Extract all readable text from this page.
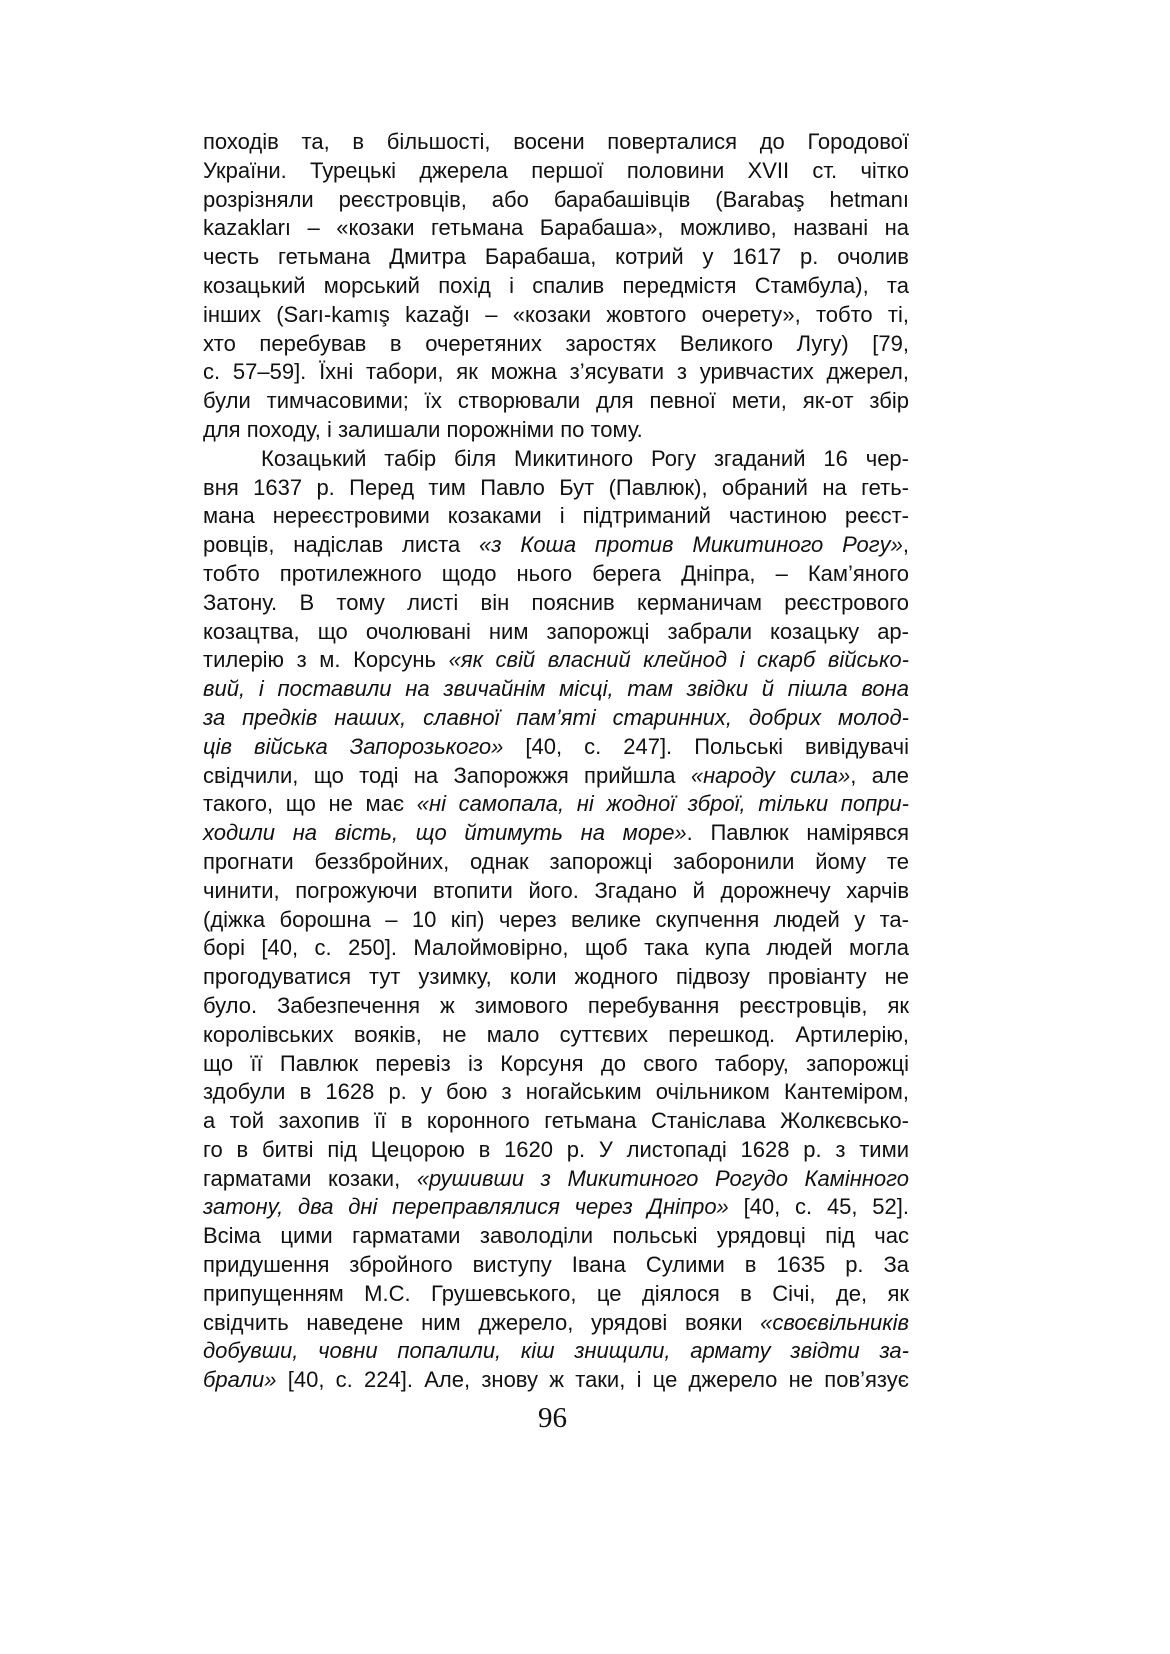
походів та, в більшості, восени поверталися до Городової
України. Турецькі джерела першої половини XVII ст. чітко
розрізняли реєстровців, або барабашівців (Barabaş hetmanı
kazakları – «козаки гетьмана Барабаша», можливо, названі на
честь гетьмана Дмитра Барабаша, котрий у 1617 р. очолив
козацький морський похід і спалив передмістя Стамбула), та
інших (Sarı-kamış kazağı – «козаки жовтого очерету», тобто ті,
хто перебував в очеретяних заростях Великого Лугу) [79,
с. 57–59]. Їхні табори, як можна з’ясувати з уривчастих джерел,
були тимчасовими; їх створювали для певної мети, як-от збір
для походу, і залишали порожніми по тому.
Козацький табір біля Микитиного Рогу згаданий 16 чер-
вня 1637 р. Перед тим Павло Бут (Павлюк), обраний на геть-
мана нереєстровими козаками і підтриманий частиною реєст-
ровців, надіслав листа «з Коша против Микитиного Рогу»,
тобто протилежного щодо нього берега Дніпра, – Кам’яного
Затону. В тому листі він пояснив керманичам реєстрового
козацтва, що очолювані ним запорожці забрали козацьку ар-
тилерію з м. Корсунь «як свій власний клейнод і скарб військо-
вий, і поставили на звичайнім місці, там звідки й пішла вона
за предків наших, славної пам’яті старинних, добрих молод-
ців війська Запорозького» [40, с. 247]. Польські вивідувачі
свідчили, що тоді на Запорожжя прийшла «народу сила», але
такого, що не має «ні самопала, ні жодної зброї, тільки попри-
ходили на вість, що йтимуть на море». Павлюк намірявся
прогнати беззбройних, однак запорожці заборонили йому те
чинити, погрожуючи втопити його. Згадано й дорожнечу харчів
(діжка борошна – 10 кіп) через велике скупчення людей у та-
борі [40, с. 250]. Малоймовірно, щоб така купа людей могла
прогодуватися тут узимку, коли жодного підвозу провіанту не
було. Забезпечення ж зимового перебування реєстровців, як
королівських вояків, не мало суттєвих перешкод. Артилерію,
що її Павлюк перевіз із Корсуня до свого табору, запорожці
здобули в 1628 р. у бою з ногайським очільником Кантеміром,
а той захопив її в коронного гетьмана Станіслава Жолкєвсько-
го в битві під Цецорою в 1620 р. У листопаді 1628 р. з тими
гарматами козаки, «рушивши з Микитиного Рогудо Камінного
затону, два дні переправлялися через Дніпро» [40, с. 45, 52].
Всіма цими гарматами заволоділи польські урядовці під час
придушення збройного виступу Івана Сулими в 1635 р. За
припущенням М.С. Грушевського, це діялося в Січі, де, як
свідчить наведене ним джерело, урядові вояки «своєвільників
добувши, човни попалили, кіш знищили, армату звідти за-
брали» [40, с. 224]. Але, знову ж таки, і це джерело не пов’язує
96
